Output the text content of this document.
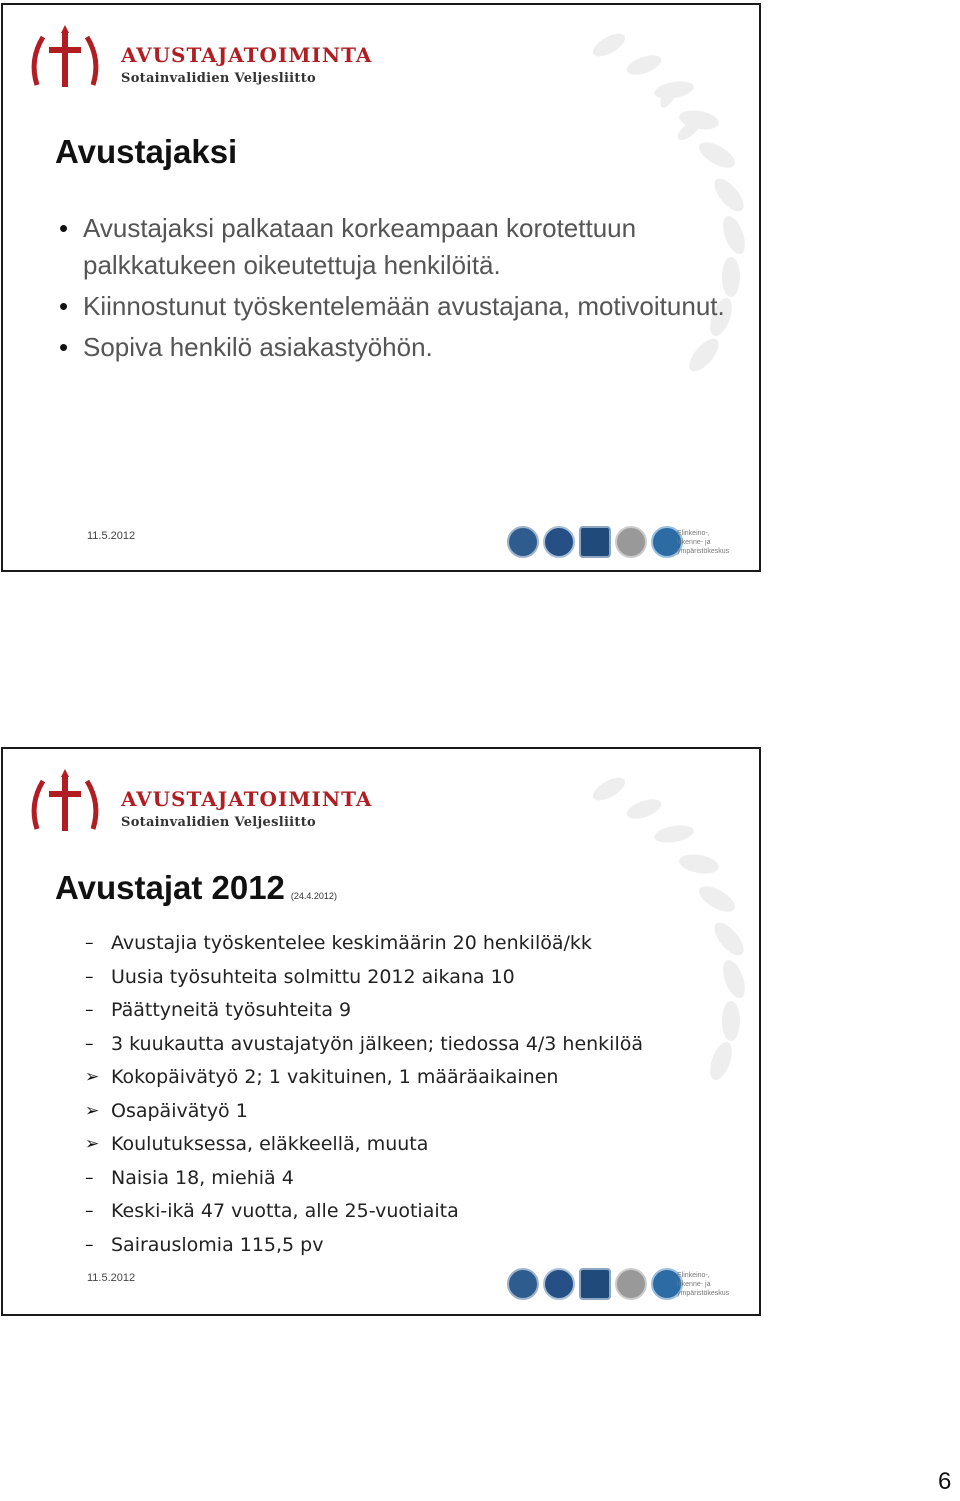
AVUSTAJATOIMINTA
Sotainvalidien Veljesliitto
Avustajaksi
• Avustajaksi palkataan korkeampaan korotettuun palkkatukeen oikeutettuja henkilöitä.
• Kiinnostunut työskentelemään avustajana, motivoitunut.
• Sopiva henkilö asiakastyöhön.
11.5.2012	Elinkeino-, liikenne- ja ympäristökeskus
AVUSTAJATOIMINTA
Sotainvalidien Veljesliitto
Avustajat 2012 (24.4.2012)
– Avustajia työskentelee keskimäärin 20 henkilöä/kk
– Uusia työsuhteita solmittu 2012 aikana 10
– Päättyneitä työsuhteita 9
– 3 kuukautta avustajatyön jälkeen; tiedossa 4/3 henkilöä
➢ Kokopäivätyö 2; 1 vakituinen, 1 määräaikainen
➢ Osapäivätyö 1
➢ Koulutuksessa, eläkkeellä, muuta
– Naisia 18, miehiä 4
– Keski-ikä 47 vuotta, alle 25-vuotiaita
– Sairauslomia 115,5 pv
11.5.2012	Elinkeino-, liikenne- ja ympäristökeskus
6
